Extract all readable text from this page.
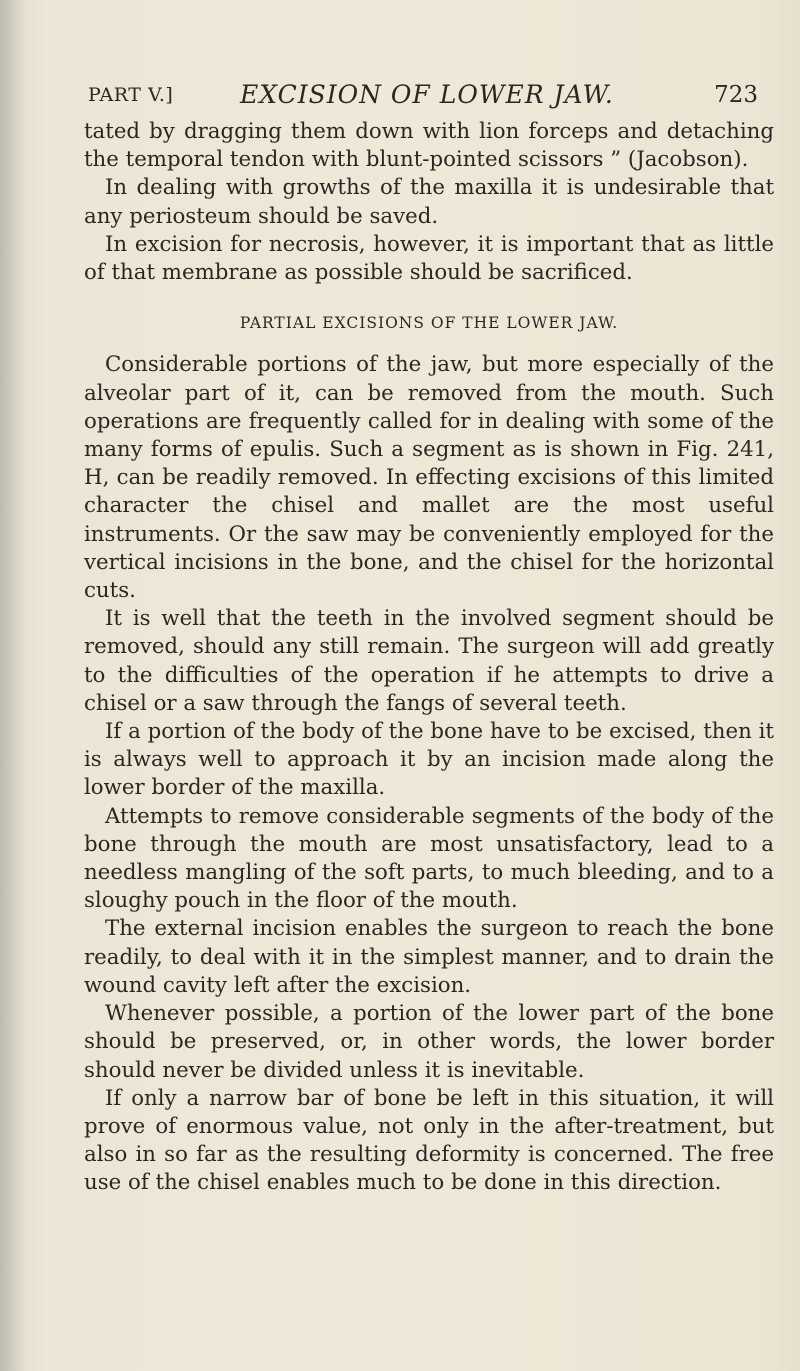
PART V.]	EXCISION OF LOWER JAW.	723

tated by dragging them down with lion forceps and detaching the temporal tendon with blunt-pointed scissors ” (Jacobson).

In dealing with growths of the maxilla it is undesirable that any periosteum should be saved.

In excision for necrosis, however, it is important that as little of that membrane as possible should be sacrificed.

PARTIAL EXCISIONS OF THE LOWER JAW.

Considerable portions of the jaw, but more especially of the alveolar part of it, can be removed from the mouth. Such operations are frequently called for in dealing with some of the many forms of epulis. Such a segment as is shown in Fig. 241, H, can be readily removed. In effecting excisions of this limited character the chisel and mallet are the most useful instruments. Or the saw may be conveniently employed for the vertical incisions in the bone, and the chisel for the horizontal cuts.

It is well that the teeth in the involved segment should be removed, should any still remain. The surgeon will add greatly to the difficulties of the operation if he attempts to drive a chisel or a saw through the fangs of several teeth.

If a portion of the body of the bone have to be excised, then it is always well to approach it by an incision made along the lower border of the maxilla.

Attempts to remove considerable segments of the body of the bone through the mouth are most unsatisfactory, lead to a needless mangling of the soft parts, to much bleeding, and to a sloughy pouch in the floor of the mouth.

The external incision enables the surgeon to reach the bone readily, to deal with it in the simplest manner, and to drain the wound cavity left after the excision.

Whenever possible, a portion of the lower part of the bone should be preserved, or, in other words, the lower border should never be divided unless it is inevitable.

If only a narrow bar of bone be left in this situation, it will prove of enormous value, not only in the after-treatment, but also in so far as the resulting deformity is concerned. The free use of the chisel enables much to be done in this direction.
